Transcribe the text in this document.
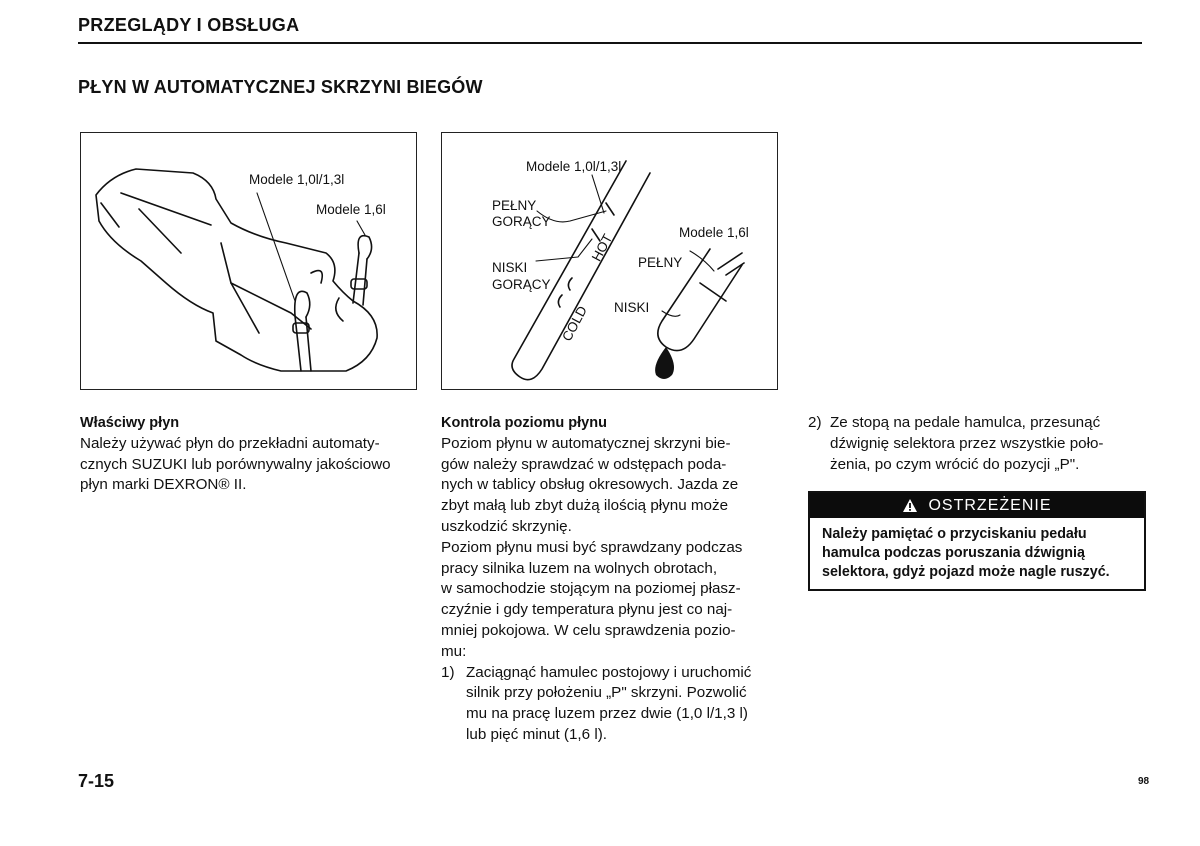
PRZEGLĄDY I OBSŁUGA
PŁYN W AUTOMATYCZNEJ SKRZYNI BIEGÓW
Modele 1,0l/1,3l
Modele 1,6l
Modele 1,0l/1,3l
PEŁNY
GORĄCY
NISKI
GORĄCY
HOT
COLD
Modele 1,6l
PEŁNY
NISKI
Właściwy płyn

Należy używać płyn do przekładni automaty-

cznych SUZUKI lub porównywalny jakościowo

płyn marki DEXRON® II.

Kontrola poziomu płynu

Poziom płynu w automatycznej skrzyni bie-

gów należy sprawdzać w odstępach poda-

nych w tablicy obsług okresowych. Jazda ze

zbyt małą lub zbyt dużą ilością płynu może

uszkodzić skrzynię.

Poziom płynu musi być sprawdzany podczas

pracy silnika luzem na wolnych obrotach,

w samochodzie stojącym na poziomej płasz-

czyźnie i gdy temperatura płynu jest co naj-

mniej pokojowa. W celu sprawdzenia pozio-

mu:

1) Zaciągnąć hamulec postojowy i uruchomić

silnik przy położeniu „P" skrzyni. Pozwolić

mu na pracę luzem przez dwie (1,0 l/1,3 l)

lub pięć minut (1,6 l).

2) Ze stopą na pedale hamulca, przesunąć

dźwignię selektora przez wszystkie poło-

żenia, po czym wrócić do pozycji „P".

OSTRZEŻENIE

Należy pamiętać o przyciskaniu pedału

hamulca podczas poruszania dźwignią

selektora, gdyż pojazd może nagle ruszyć.

7-15	98
